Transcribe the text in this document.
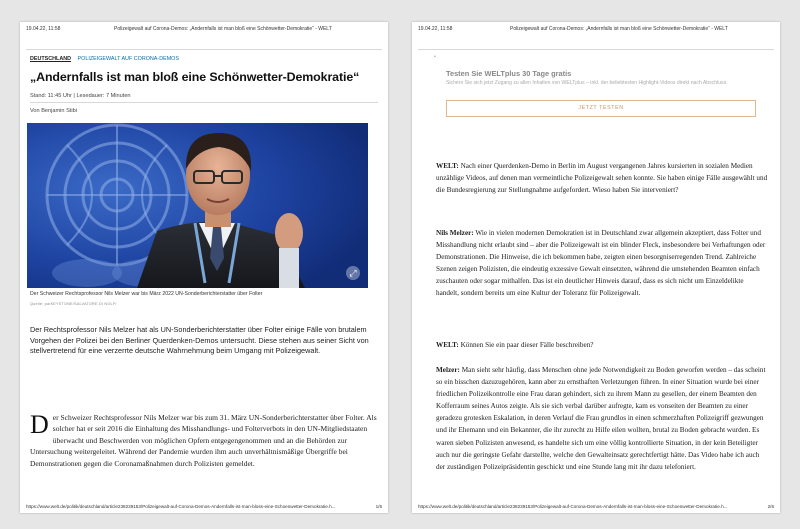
19.04.22, 11:58	Polizeigewalt auf Corona-Demos: „Andernfalls ist man bloß eine Schönwetter-Demokratie“ - WELT
DEUTSCHLAND POLIZEIGEWALT AUF CORONA-DEMOS
„Andernfalls ist man bloß eine Schönwetter-Demokratie“
Stand: 11:45 Uhr | Lesedauer: 7 Minuten
Von Benjamin Stibi
⤢
Der Schweizer Rechtsprofessor Nils Melzer war bis März 2022 UN-Sonderberichterstatter über Folter
Quelle: pa/KEYSTONE/SALVATORE DI NOLFI
Der Rechtsprofessor Nils Melzer hat als UN-Sonderberichterstatter über Folter einige Fälle von brutalem Vorgehen der Polizei bei den Berliner Querdenken-Demos untersucht. Diese stehen aus seiner Sicht von stellvertretend für eine verzerrte deutsche Wahrnehmung beim Umgang mit Polizeigewalt.
D er Schweizer Rechtsprofessor Nils Melzer war bis zum 31. März UN-Sonderberichterstatter über Folter. Als solcher hat er seit 2016 die Einhaltung des Misshandlungs- und Folterverbots in den UN-Mitgliedstaaten überwacht und Beschwerden von möglichen Opfern entgegengenommen und an die Behörden zur Untersuchung weitergeleitet. Während der Pandemie wurden ihm auch unverhältnismäßige Übergriffe bei Demonstrationen gegen die Coronamaßnahmen durch Polizisten gemeldet.
https://www.welt.de/politik/deutschland/article238239153/Polizeigewalt-auf-Corona-Demos-Andernfalls-ist-man-bloss-eine-Schoenwetter-Demokratie.h...	1/6
19.04.22, 11:58	Polizeigewalt auf Corona-Demos: „Andernfalls ist man bloß eine Schönwetter-Demokratie“ - WELT
•
Testen Sie WELTplus 30 Tage gratis
Sichern Sie sich jetzt Zugang zu allen Inhalten von WELTplus – inkl. der beliebtesten Highlight-Videos direkt nach Abschluss.
JETZT TESTEN
WELT: Nach einer Querdenken-Demo in Berlin im August vergangenen Jahres kursierten in sozialen Medien unzählige Videos, auf denen man vermeintliche Polizeigewalt sehen konnte. Sie haben einige Fälle ausgewählt und die Bundesregierung zur Stellungnahme aufgefordert. Wieso haben Sie interveniert?
Nils Melzer: Wie in vielen modernen Demokratien ist in Deutschland zwar allgemein akzeptiert, dass Folter und Misshandlung nicht erlaubt sind – aber die Polizeigewalt ist ein blinder Fleck, insbesondere bei Verhaftungen oder Demonstrationen. Die Hinweise, die ich bekommen habe, zeigten einen besorgniserregenden Trend. Zahlreiche Szenen zeigen Polizisten, die eindeutig exzessive Gewalt einsetzten, während die umstehenden Beamten einfach zuschauten oder sogar mithalfen. Das ist ein deutlicher Hinweis darauf, dass es sich nicht um Einzeldelikte handelt, sondern bereits um eine Kultur der Toleranz für Polizeigewalt.
WELT: Können Sie ein paar dieser Fälle beschreiben?
Melzer: Man sieht sehr häufig, dass Menschen ohne jede Notwendigkeit zu Boden geworfen werden – das scheint so ein bisschen dazuzugehören, kann aber zu ernsthaften Verletzungen führen. In einer Situation wurde bei einer friedlichen Polizeikontrolle eine Frau daran gehindert, sich zu ihrem Mann zu gesellen, der einem Beamten den Kofferraum seines Autos zeigte. Als sie sich verbal darüber aufregte, kam es vonseiten der Beamten zu einer geradezu grotesken Eskalation, in deren Verlauf die Frau grundlos in einen schmerzhaften Polizeigriff gezwungen und ihr Ehemann und ein Bekannter, die ihr zurecht zu Hilfe eilen wollten, brutal zu Boden gebracht wurden. Es waren sieben Polizisten anwesend, es handelte sich um eine völlig kontrollierte Situation, in der kein Beteiligter auch nur die geringste Gefahr darstellte, welche den Gewalteinsatz gerechtfertigt hätte. Das Video habe ich auch der zuständigen Polizeipräsidentin geschickt und eine Stunde lang mit ihr dazu telefoniert.
https://www.welt.de/politik/deutschland/article238239153/Polizeigewalt-auf-Corona-Demos-Andernfalls-ist-man-bloss-eine-Schoenwetter-Demokratie.h...	2/6
